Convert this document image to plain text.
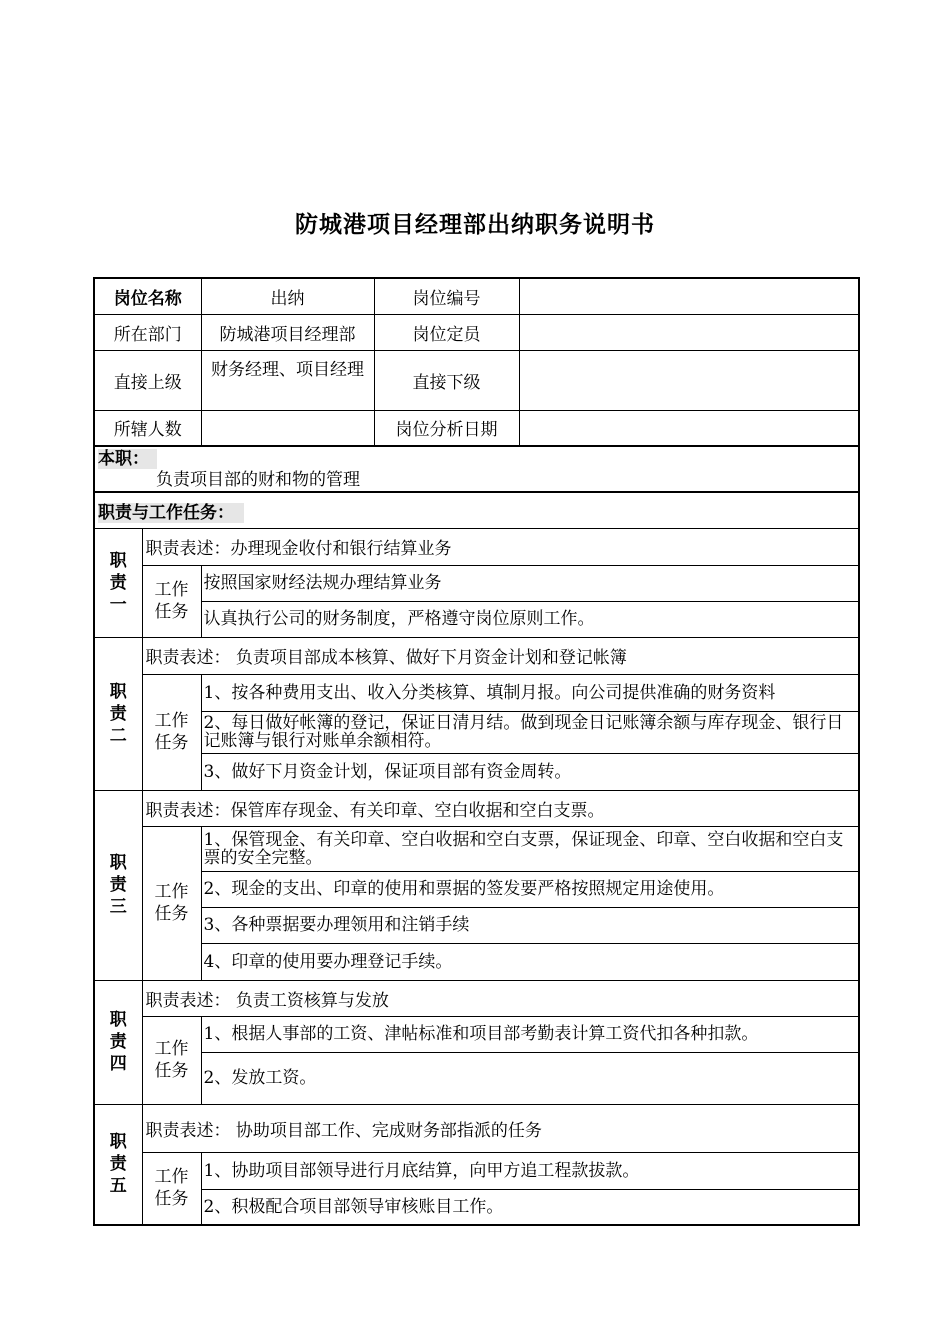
防城港项目经理部出纳职务说明书
岗位名称		出纳	岗位编号	
所在部门		防城港项目经理部	岗位定员	
直接上级		财务经理、项目经理	直接下级	
所辖人数			岗位分析日期	

本职：
负责项目部的财和物的管理				

职责与工作任务：				

职责一	职责表述：办理现金收付和银行结算业务			

	工作任务	按照国家财经法规办理结算业务		
		认真执行公司的财务制度，严格遵守岗位原则工作。		

职责二	职责表述： 负责项目部成本核算、做好下月资金计划和登记帐簿			

	工作任务	1、按各种费用支出、收入分类核算、填制月报。向公司提供准确的财务资料		
		2、每日做好帐簿的登记，保证日清月结。做到现金日记账簿余额与库存现金、银行日记账簿与银行对账单余额相符。		
		3、做好下月资金计划，保证项目部有资金周转。		

职责三	职责表述：保管库存现金、有关印章、空白收据和空白支票。			

	工作任务	1、保管现金、有关印章、空白收据和空白支票，保证现金、印章、空白收据和空白支票的安全完整。		
		2、现金的支出、印章的使用和票据的签发要严格按照规定用途使用。		
		3、各种票据要办理领用和注销手续		
		4、印章的使用要办理登记手续。		

职责四	职责表述： 负责工资核算与发放			

	工作任务	1、根据人事部的工资、津帖标准和项目部考勤表计算工资代扣各种扣款。		
		2、发放工资。		

职责五	职责表述： 协助项目部工作、完成财务部指派的任务			

	工作任务	1、协助项目部领导进行月底结算，向甲方追工程款拔款。		
		2、积极配合项目部领导审核账目工作。		
